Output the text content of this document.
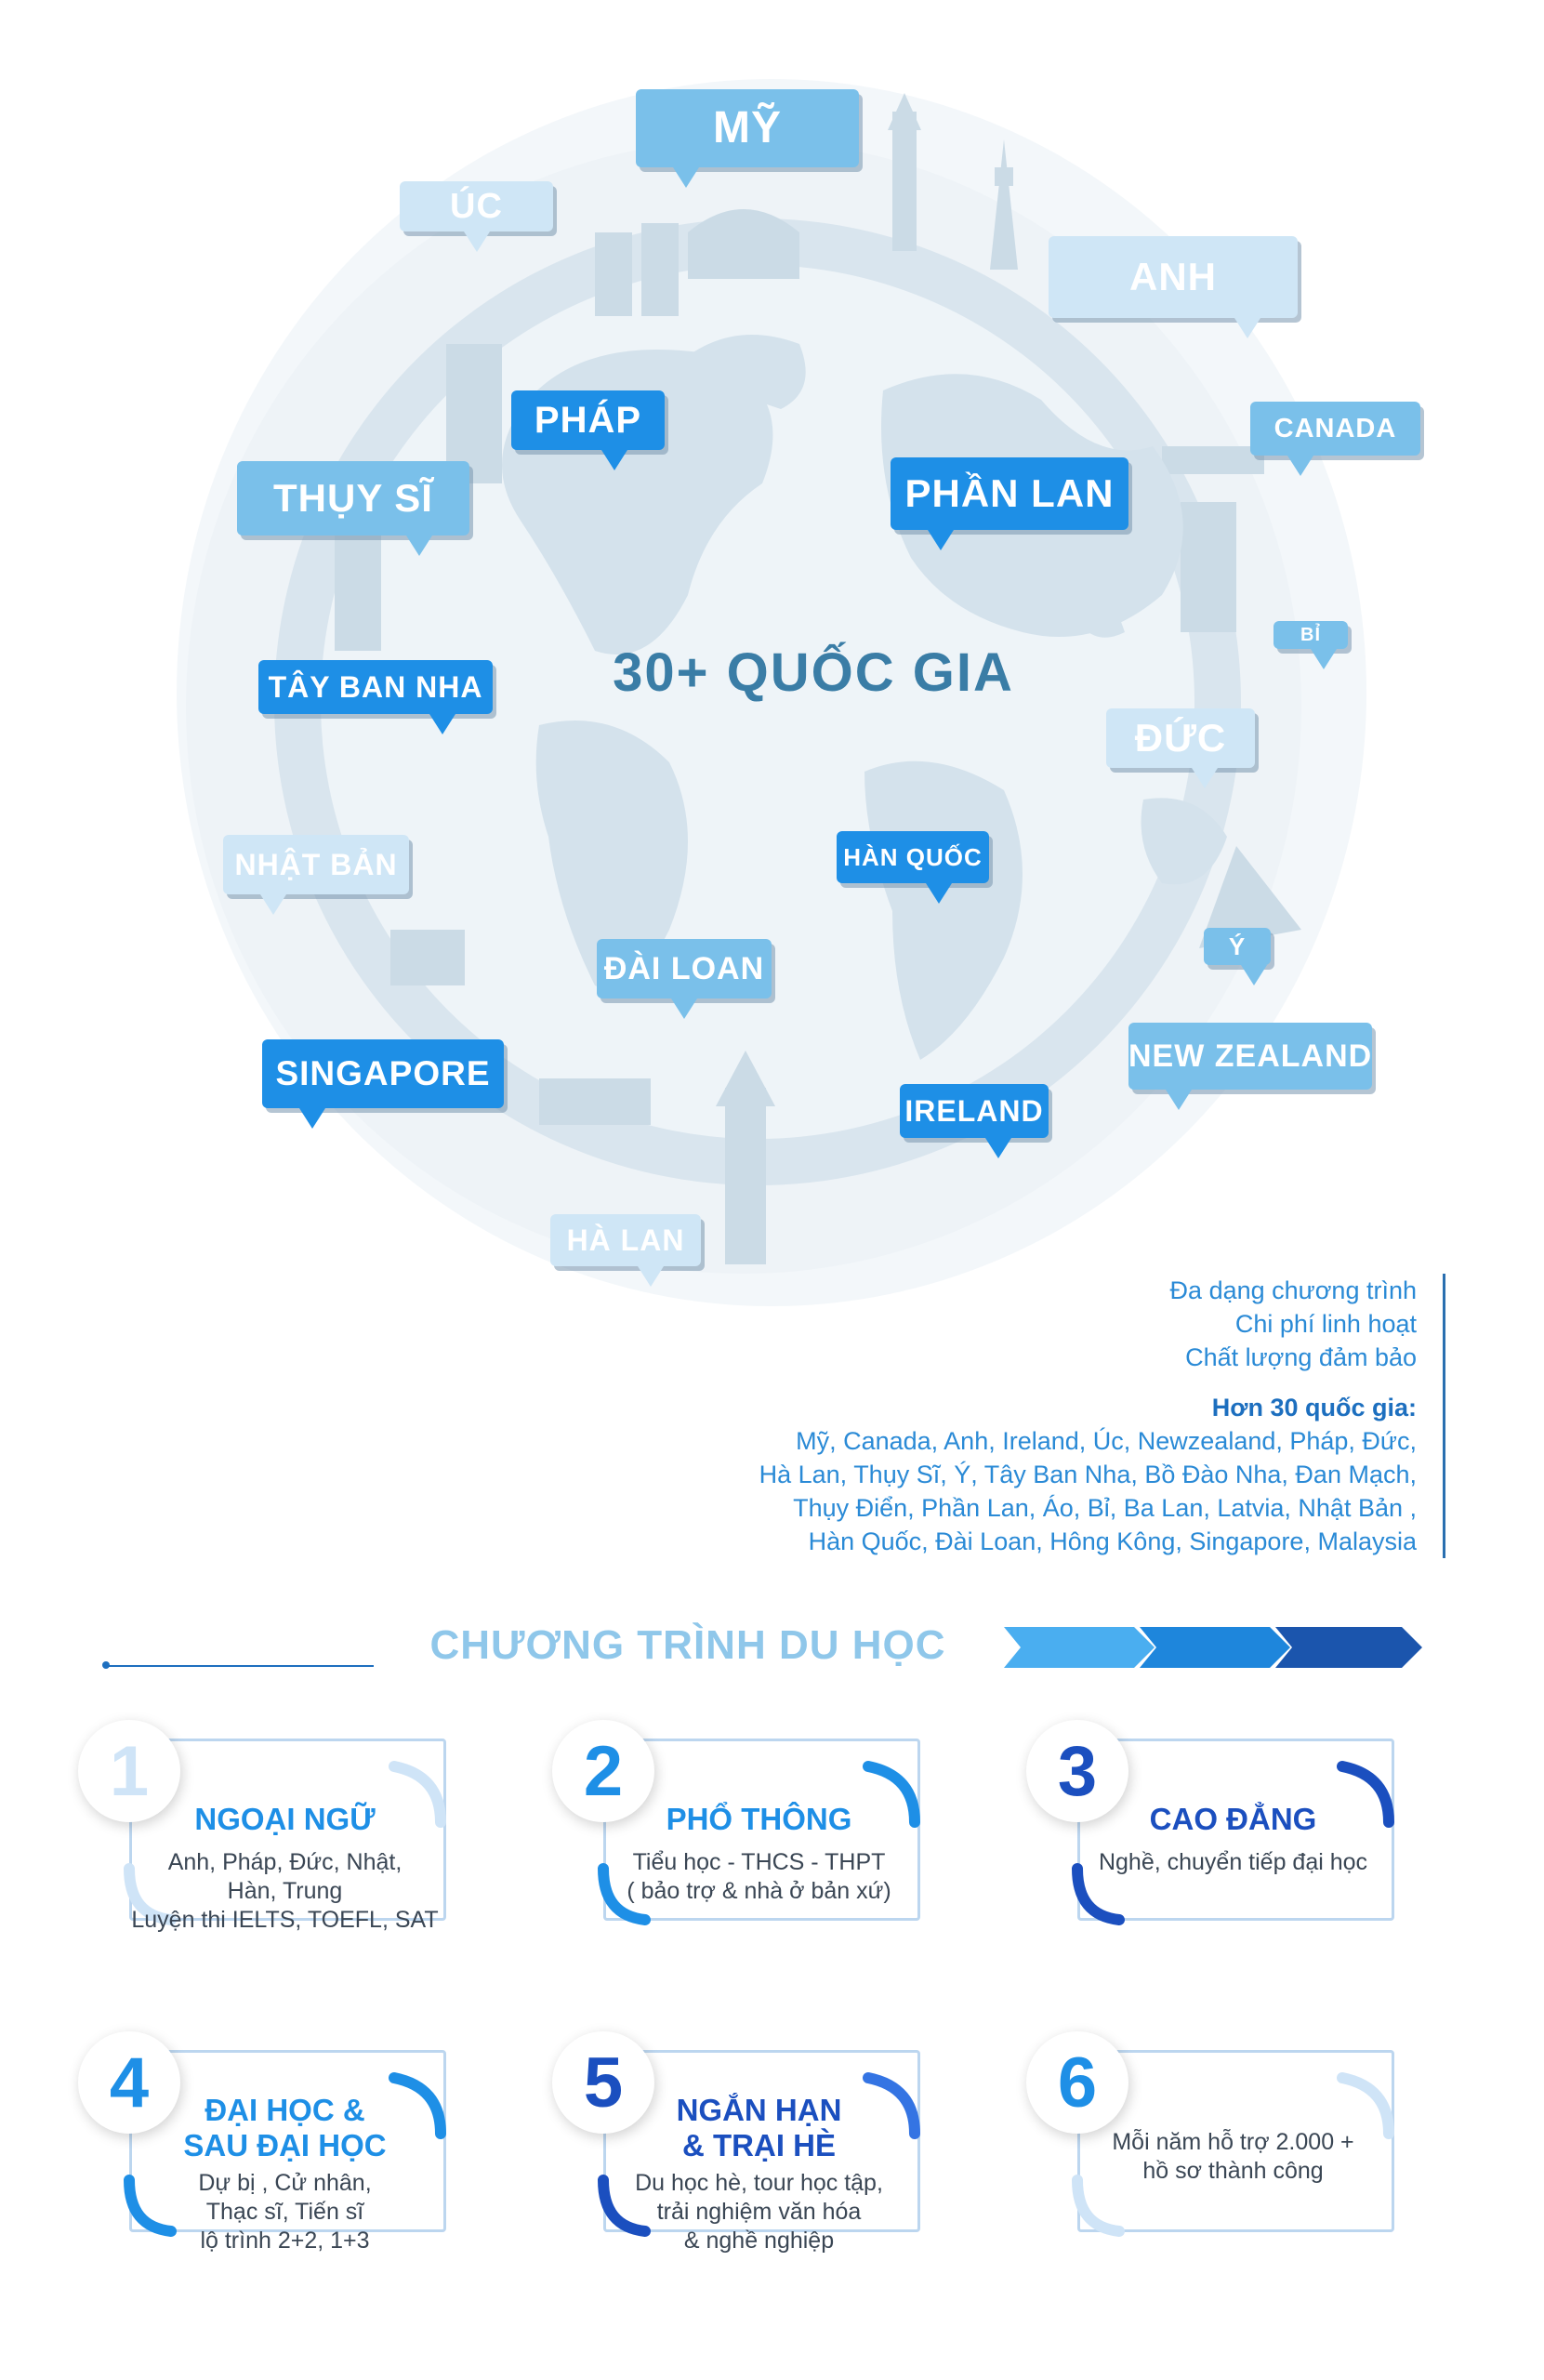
30+ QUỐC GIA
MỸ
ÚC
ANH
PHÁP
THỤY SĨ	PHẦN LAN
CANADA
BỈ
TÂY BAN NHA
ĐỨC
NHẬT BẢN	HÀN QUỐC
ĐÀI LOAN
Ý
SINGAPORE	NEW ZEALAND
IRELAND
HÀ LAN
Đa dạng chương trình
Chi phí linh hoạt
Chất lượng đảm bảo
Hơn 30 quốc gia:
Mỹ, Canada, Anh, Ireland, Úc, Newzealand, Pháp, Đức,
Hà Lan, Thụy Sĩ, Ý, Tây Ban Nha, Bồ Đào Nha, Đan Mạch,
Thụy Điển, Phần Lan, Áo, Bỉ, Ba Lan, Latvia, Nhật Bản ,
Hàn Quốc, Đài Loan, Hông Kông, Singapore, Malaysia
CHƯƠNG TRÌNH DU HỌC
1
NGOẠI NGỮ
Anh, Pháp, Đức, Nhật,
Hàn, Trung
Luyện thi IELTS, TOEFL, SAT
2
PHỔ THÔNG
Tiểu học - THCS - THPT
( bảo trợ & nhà ở bản xứ)
3
CAO ĐẲNG
Nghề, chuyển tiếp đại học
4	ĐẠI HỌC &
SAU ĐẠI HỌC
Dự bị , Cử nhân,
Thạc sĩ, Tiến sĩ
lộ trình 2+2, 1+3
5	NGẮN HẠN
& TRẠI HÈ
Du học hè, tour học tập,
trải nghiệm văn hóa
& nghề nghiệp
6
Mỗi năm hỗ trợ 2.000 +
hồ sơ thành công
